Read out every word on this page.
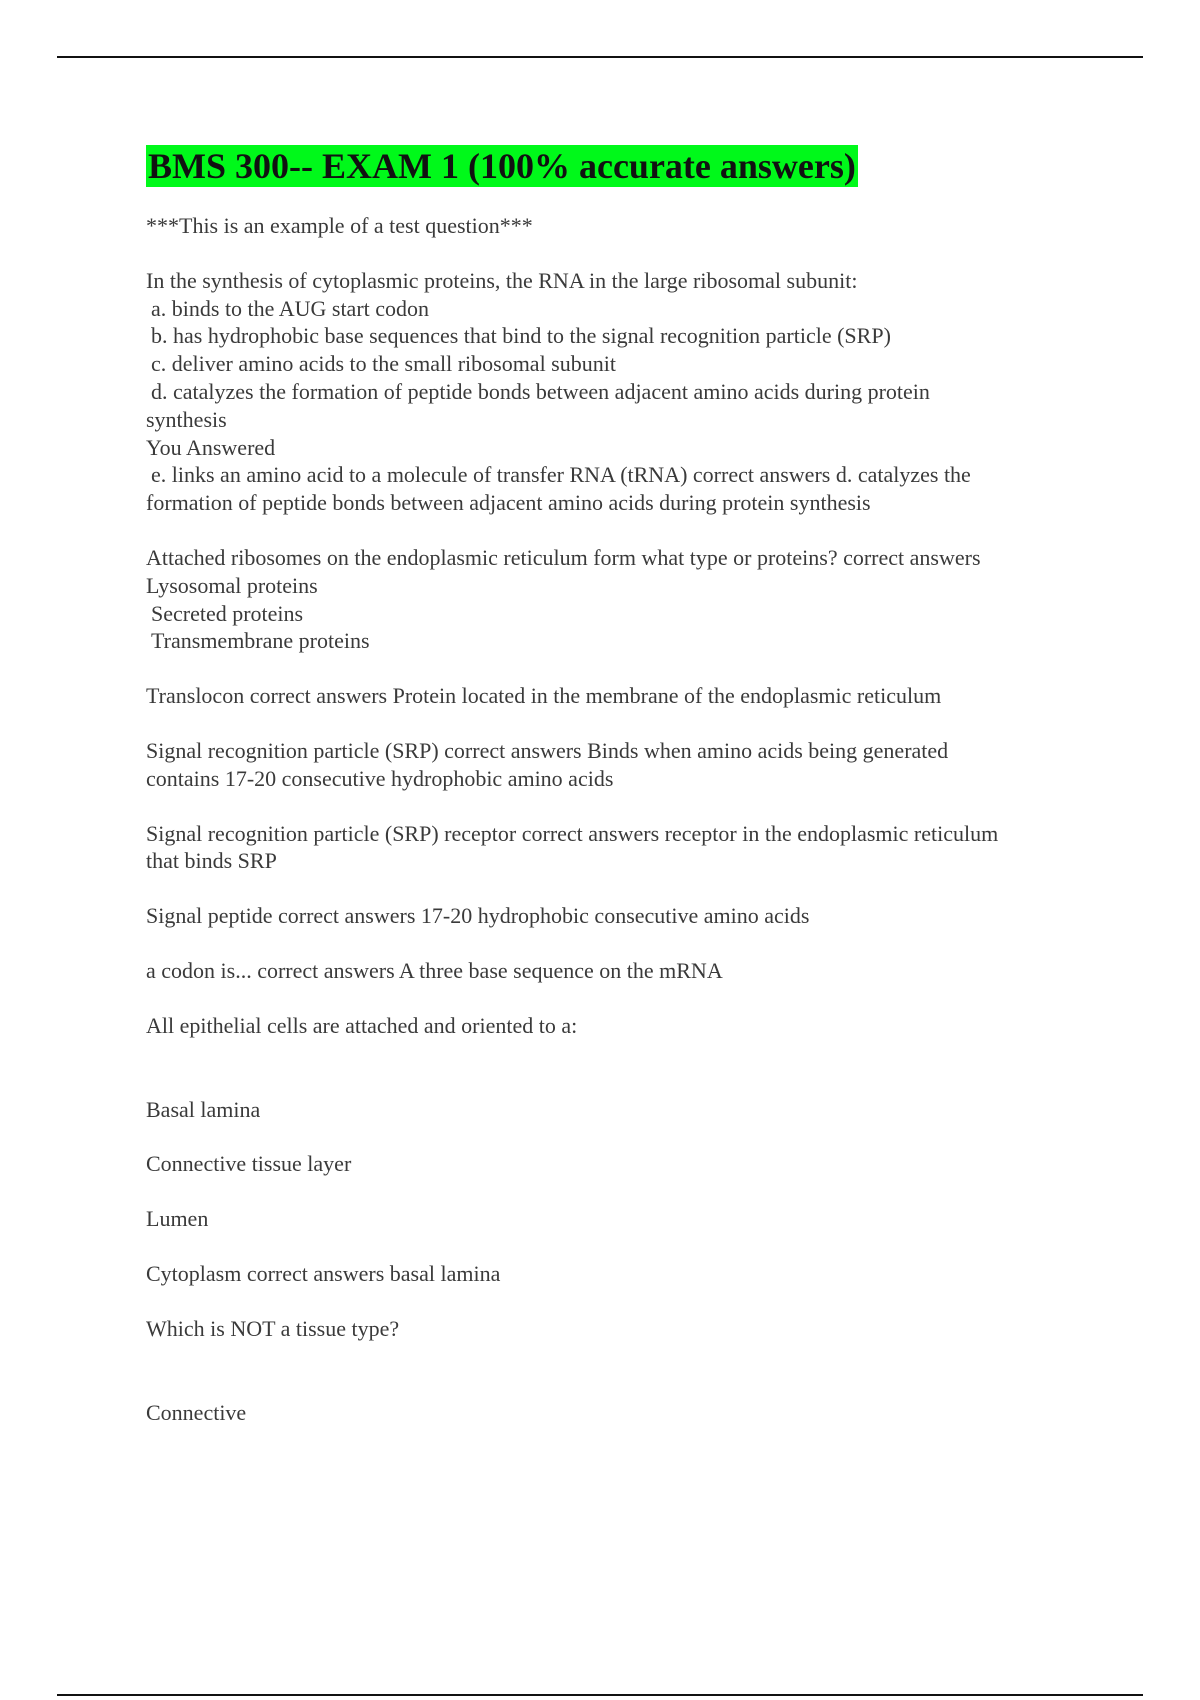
BMS 300-- EXAM 1 (100% accurate answers)

***This is an example of a test question***

In the synthesis of cytoplasmic proteins, the RNA in the large ribosomal subunit:

a. binds to the AUG start codon

b. has hydrophobic base sequences that bind to the signal recognition particle (SRP)

c. deliver amino acids to the small ribosomal subunit

d. catalyzes the formation of peptide bonds between adjacent amino acids during protein

synthesis

You Answered

e. links an amino acid to a molecule of transfer RNA (tRNA) correct answers d. catalyzes the

formation of peptide bonds between adjacent amino acids during protein synthesis

Attached ribosomes on the endoplasmic reticulum form what type or proteins? correct answers

Lysosomal proteins

Secreted proteins

Transmembrane proteins

Translocon correct answers Protein located in the membrane of the endoplasmic reticulum

Signal recognition particle (SRP) correct answers Binds when amino acids being generated

contains 17-20 consecutive hydrophobic amino acids

Signal recognition particle (SRP) receptor correct answers receptor in the endoplasmic reticulum

that binds SRP

Signal peptide correct answers 17-20 hydrophobic consecutive amino acids

a codon is... correct answers A three base sequence on the mRNA

All epithelial cells are attached and oriented to a:

Basal lamina

Connective tissue layer

Lumen

Cytoplasm correct answers basal lamina

Which is NOT a tissue type?

Connective
